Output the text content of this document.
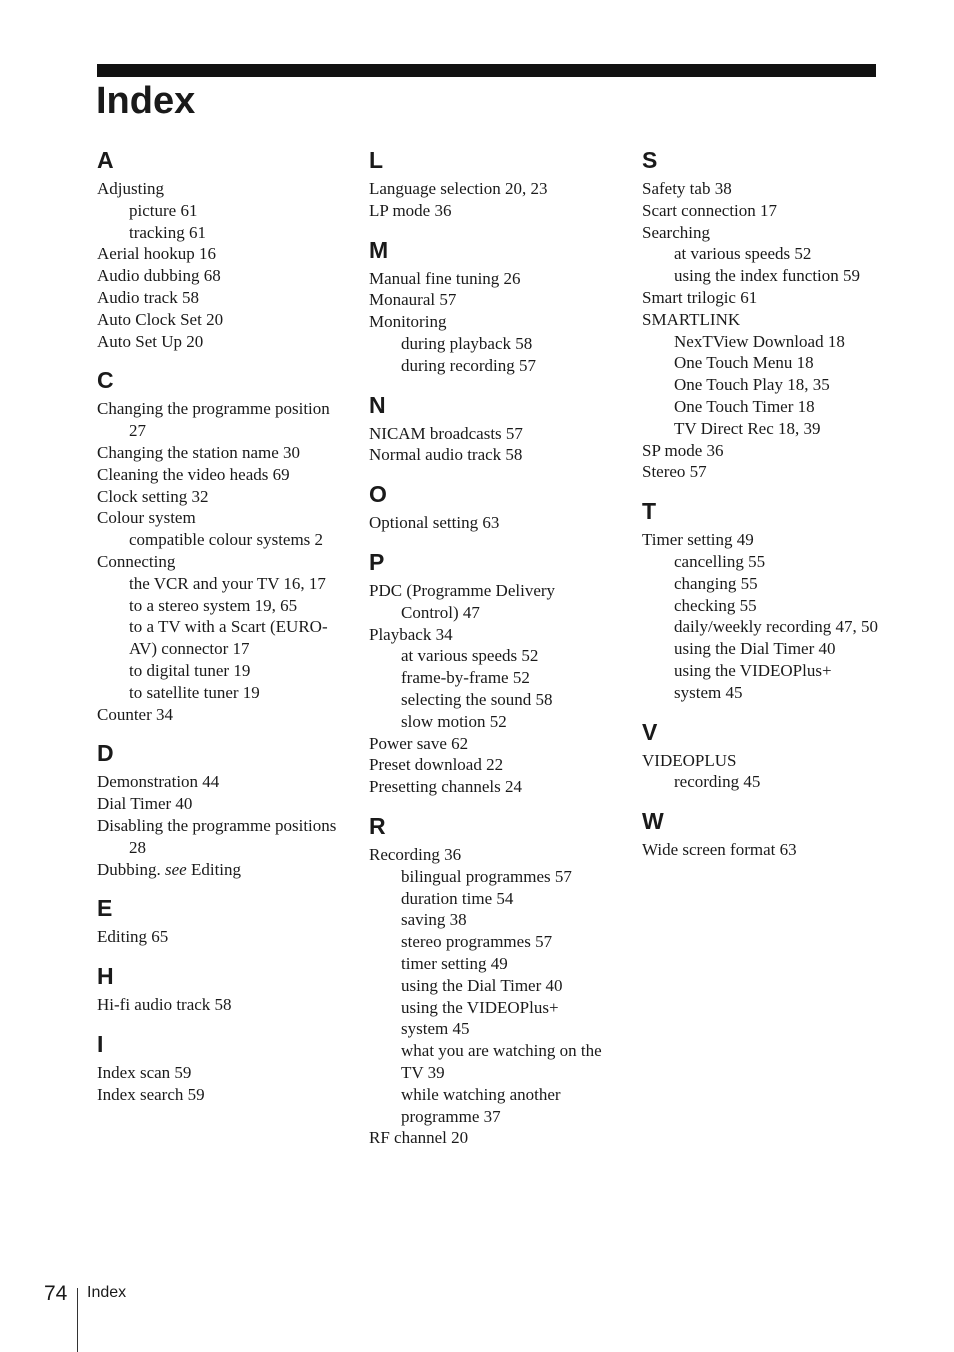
Index
A
Adjusting
picture 61
tracking 61
Aerial hookup 16
Audio dubbing 68
Audio track 58
Auto Clock Set 20
Auto Set Up 20
C
Changing the programme position 27
Changing the station name 30
Cleaning the video heads 69
Clock setting 32
Colour system
compatible colour systems 2
Connecting
the VCR and your TV 16, 17
to a stereo system 19, 65
to a TV with a Scart (EURO-AV) connector 17
to digital tuner 19
to satellite tuner 19
Counter 34
D
Demonstration 44
Dial Timer 40
Disabling the programme positions 28
Dubbing. see Editing
E
Editing 65
H
Hi-fi audio track 58
I
Index scan 59
Index search 59
L
Language selection 20, 23
LP mode 36
M
Manual fine tuning 26
Monaural 57
Monitoring
during playback 58
during recording 57
N
NICAM broadcasts 57
Normal audio track 58
O
Optional setting 63
P
PDC (Programme Delivery Control) 47
Playback 34
at various speeds 52
frame-by-frame 52
selecting the sound 58
slow motion 52
Power save 62
Preset download 22
Presetting channels 24
R
Recording 36
bilingual programmes 57
duration time 54
saving 38
stereo programmes 57
timer setting 49
using the Dial Timer 40
using the VIDEOPlus+ system 45
what you are watching on the TV 39
while watching another programme 37
RF channel 20
S
Safety tab 38
Scart connection 17
Searching
at various speeds 52
using the index function 59
Smart trilogic 61
SMARTLINK
NexTView Download 18
One Touch Menu 18
One Touch Play 18, 35
One Touch Timer 18
TV Direct Rec 18, 39
SP mode 36
Stereo 57
T
Timer setting 49
cancelling 55
changing 55
checking 55
daily/weekly recording 47, 50
using the Dial Timer 40
using the VIDEOPlus+ system 45
V
VIDEOPLUS
recording 45
W
Wide screen format 63
74 Index
